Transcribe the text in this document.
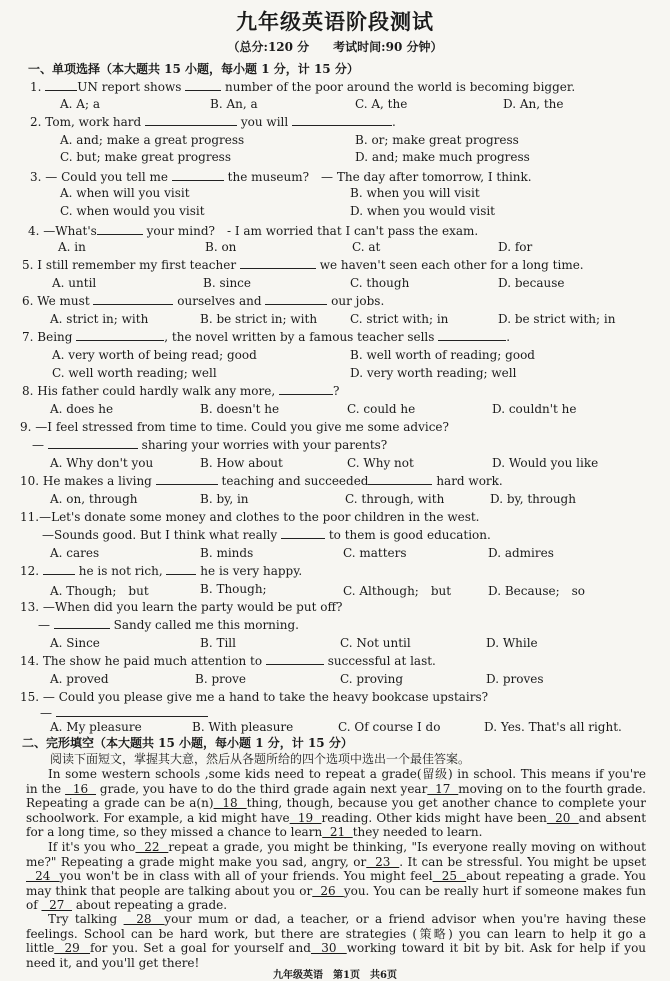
九年级英语阶段测试
（总分:120 分　　考试时间:90 分钟）
一、单项选择（本大题共 15 小题，每小题 1 分，计 15 分）
1.	UN report shows	number of the poor around the world is becoming bigger.
A. A; a	B. An, a	C. A, the	D. An, the
2. Tom, work hard	you will	.
A. and; make a great progress	B. or; make great progress
C. but; make great progress	D. and; make much progress
3. — Could you tell me	the museum?　— The day after tomorrow, I think.
A. when will you visit	B. when you will visit
C. when would you visit	D. when you would visit
4. —What's	your mind?　- I am worried that I can't pass the exam.
A. in	B. on	C. at	D. for
5. I still remember my first teacher	we haven't seen each other for a long time.
A. until	B. since	C. though	D. because
6. We must	ourselves and	our jobs.
A. strict in; with	B. be strict in; with	C. strict with; in	D. be strict with; in
7. Being	, the novel written by a famous teacher sells	.
A. very worth of being read; good	B. well worth of reading; good
C. well worth reading; well	D. very worth reading; well
8. His father could hardly walk any more,	?
A. does he	B. doesn't he	C. could he	D. couldn't he
9. —I feel stressed from time to time. Could you give me some advice?
—	sharing your worries with your parents?
A. Why don't you	B. How about	C. Why not	D. Would you like
10. He makes a living	teaching and succeeded	hard work.
A. on, through	B. by, in	C. through, with	D. by, through
11.—Let's donate some money and clothes to the poor children in the west.
—Sounds good. But I think what really	to them is good education.
A. cares	B. minds	C. matters	D. admires
12.	he is not rich,	he is very happy.
A. Though;　but	B. Though;	C. Although;　but	D. Because;　so
13. —When did you learn the party would be put off?
—	Sandy called me this morning.
A. Since	B. Till	C. Not until	D. While
14. The show he paid much attention to	successful at last.
A. proved	B. prove	C. proving	D. proves
15. — Could you please give me a hand to take the heavy bookcase upstairs?
—
A. My pleasure	B. With pleasure	C. Of course I do	D. Yes. That's all right.
二、完形填空（本大题共 15 小题，每小题 1 分，计 15 分）
阅读下面短文，掌握其大意，然后从各题所给的四个选项中选出一个最佳答案。
In some western schools ,some kids need to repeat a grade(留级) in school. This means if you're in the   16   grade, you have to do the third grade again next year  17  moving on to the fourth grade. Repeating a grade can be a(n)  18  thing, though, because you get another chance to complete your schoolwork. For example, a kid might have  19  reading. Other kids might have been  20  and absent for a long time, so they missed a chance to learn  21  they needed to learn.
If it's you who  22  repeat a grade, you might be thinking, "Is everyone really moving on without me?" Repeating a grade might make you sad, angry, or  23  . It can be stressful. You might be upset   24  you won't be in class with all of your friends. You might feel  25  about repeating a grade. You may think that people are talking about you or  26  you. You can be really hurt if someone makes fun of   27   about repeating a grade.
Try talking   28  your mum or dad, a teacher, or a friend advisor when you're having these feelings. School can be hard work, but there are strategies (策略) you can learn to help it go a little  29  for you. Set a goal for yourself and  30  working toward it bit by bit. Ask for help if you need it, and you'll get there!
九年级英语　第1页　共6页
